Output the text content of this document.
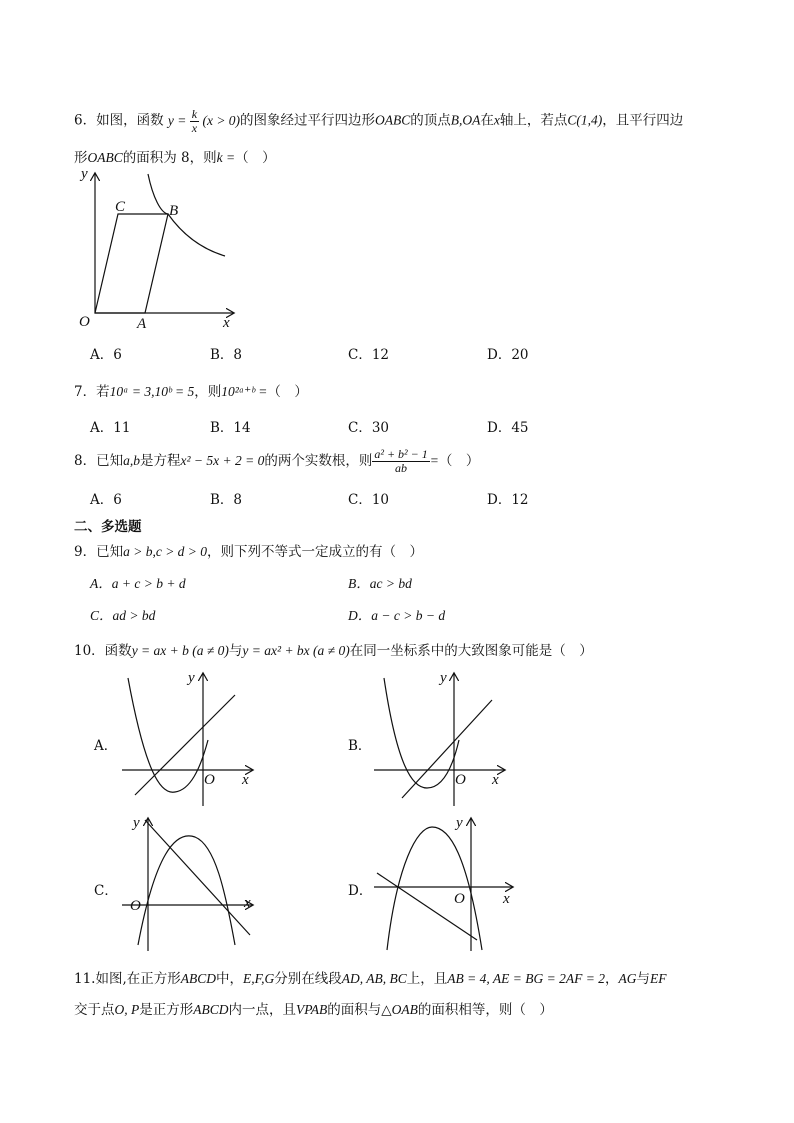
6．如图，函数 $y = \frac{k}{x} (x > 0)$的图象经过平行四边形OABC的顶点B,OA在x轴上，若点C(1,4)，且平行四边
形OABC的面积为 8，则k =（　）
y
x
O	A
B
C
A．6	B．8	C．12	D．20
7．若10ᵃ = 3,10ᵇ = 5，则10²ᵃ⁺ᵇ =（　）
A．11	B．14	C．30	D．45
8．已知a,b是方程x² − 5x + 2 = 0的两个实数根，则 $\frac{\text{a² + b² − 1}}{ab}$ =（　）
A．6	B．8	C．10	D．12
二、多选题
9．已知a > b,c > d > 0，则下列不等式一定成立的有（　）
A．a + c > b + d	B．ac > bd
C．ad > bd	D．a − c > b − d
10．函数y = ax + b (a ≠ 0)与y = ax² + bx (a ≠ 0)在同一坐标系中的大致图象可能是（　）
A．
y
x
O
B．
y
x
O
C．
y
x
O
D．
y
x
O
11.如图,在正方形ABCD中，E,F,G分别在线段AD, AB, BC上，且AB = 4, AE = BG = 2AF = 2，AG与EF
交于点O, P是正方形ABCD内一点，且VPAB的面积与△OAB的面积相等，则（　）
